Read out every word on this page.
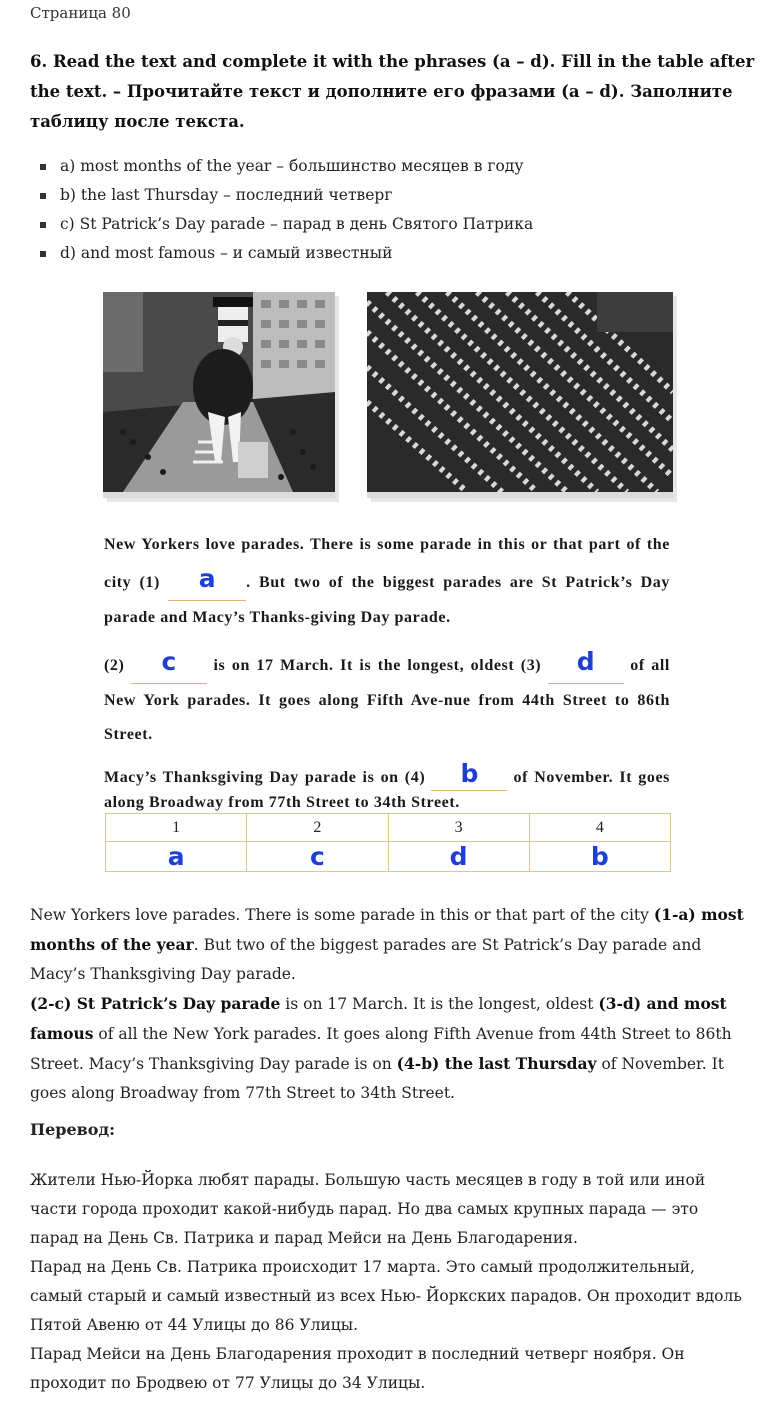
Страница 80
6. Read the text and complete it with the phrases (a – d). Fill in the table after the text. – Прочитайте текст и дополните его фразами (a – d). Заполните таблицу после текста.
a) most months of the year – большинство месяцев в году
b) the last Thursday – последний четверг
c) St Patrick’s Day parade – парад в день Святого Патрика
d) and most famous – и самый известный

New Yorkers love parades. There is some parade in this or that part of the city (1) a . But two of the biggest parades are St Patrick’s Day parade and Macy’s Thanks-giving Day parade.

(2) c is on 17 March. It is the longest, oldest (3) d of all New York parades. It goes along Fifth Ave-nue from 44th Street to 86th Street.

Macy’s Thanksgiving Day parade is on (4) b of November. It goes along Broadway from 77th Street to 34th Street.

1	2	3	4
a	c	d	b
New Yorkers love parades. There is some parade in this or that part of the city (1-a) most months of the year. But two of the biggest parades are St Patrick’s Day parade and Macy’s Thanksgiving Day parade.
(2-c) St Patrick’s Day parade is on 17 March. It is the longest, oldest (3-d) and most famous of all the New York parades. It goes along Fifth Avenue from 44th Street to 86th Street. Macy’s Thanksgiving Day parade is on (4-b) the last Thursday of November. It goes along Broadway from 77th Street to 34th Street.
Перевод:
Жители Нью-Йорка любят парады. Большую часть месяцев в году в той или иной части города проходит какой-нибудь парад. Но два самых крупных парада — это парад на День Св. Патрика и парад Мейси на День Благодарения.
Парад на День Св. Патрика происходит 17 марта. Это самый продолжительный, самый старый и самый известный из всех Нью- Йоркских парадов. Он проходит вдоль Пятой Авеню от 44 Улицы до 86 Улицы.
Парад Мейси на День Благодарения проходит в последний четверг ноября. Он проходит по Бродвею от 77 Улицы до 34 Улицы.
